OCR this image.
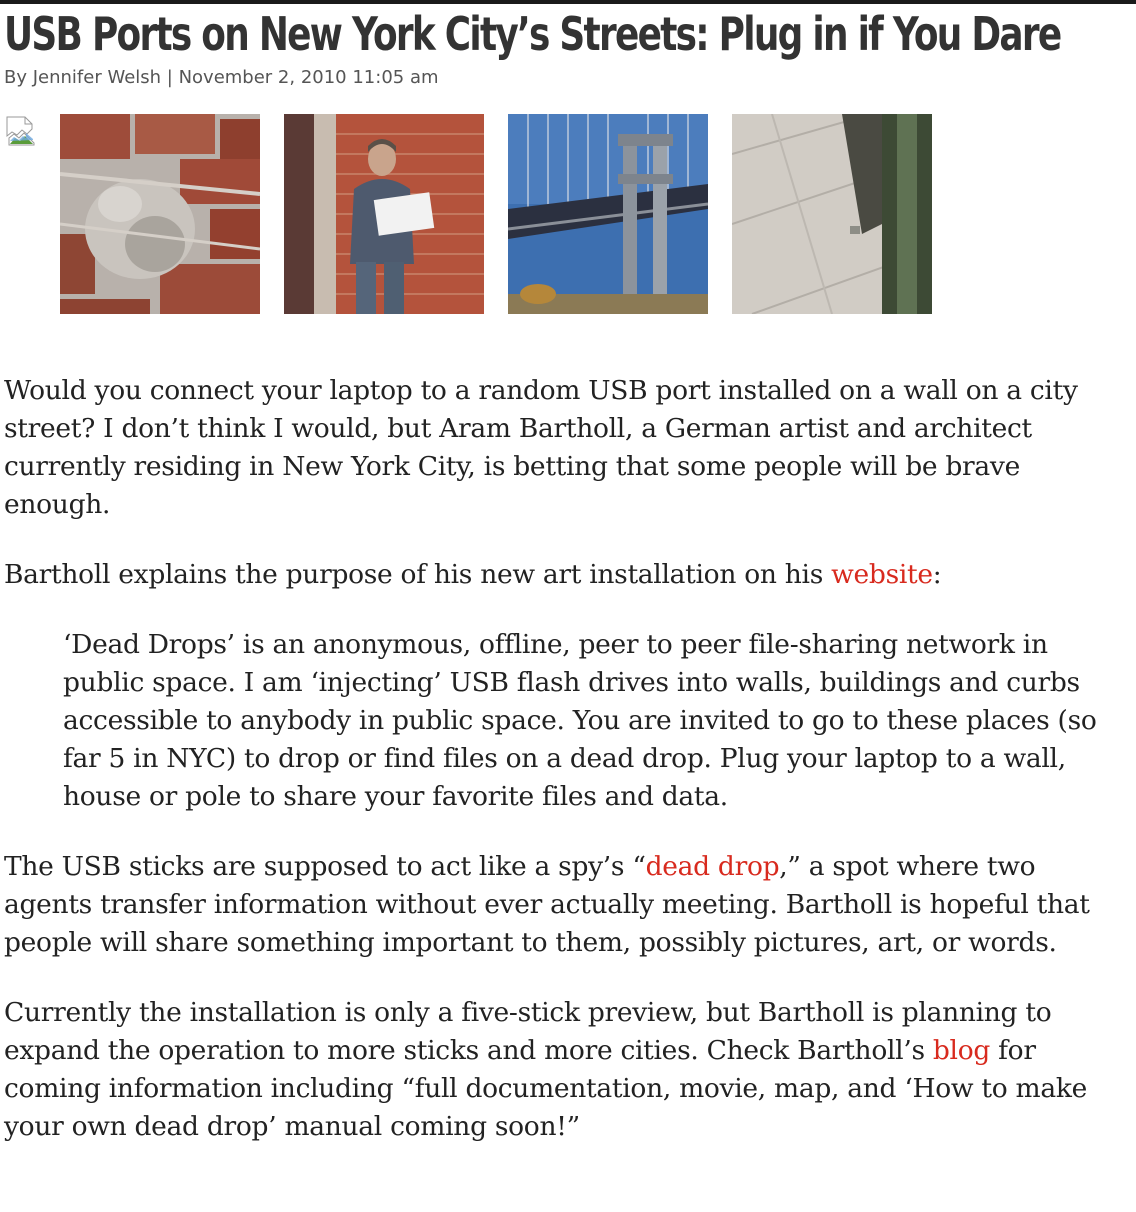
USB Ports on New York City’s Streets: Plug in if You Dare
By Jennifer Welsh | November 2, 2010 11:05 am

Would you connect your laptop to a random USB port installed on a wall on a city street? I don’t think I would, but Aram Bartholl, a German artist and architect currently residing in New York City, is betting that some people will be brave enough.

Bartholl explains the purpose of his new art installation on his website:

‘Dead Drops’ is an anonymous, offline, peer to peer file-sharing network in public space. I am ‘injecting’ USB flash drives into walls, buildings and curbs accessible to anybody in public space. You are invited to go to these places (so far 5 in NYC) to drop or find files on a dead drop. Plug your laptop to a wall, house or pole to share your favorite files and data.

The USB sticks are supposed to act like a spy’s “dead drop,” a spot where two agents transfer information without ever actually meeting. Bartholl is hopeful that people will share something important to them, possibly pictures, art, or words.

Currently the installation is only a five-stick preview, but Bartholl is planning to expand the operation to more sticks and more cities. Check Bartholl’s blog for coming information including “full documentation, movie, map, and ‘How to make your own dead drop’ manual coming soon!”
